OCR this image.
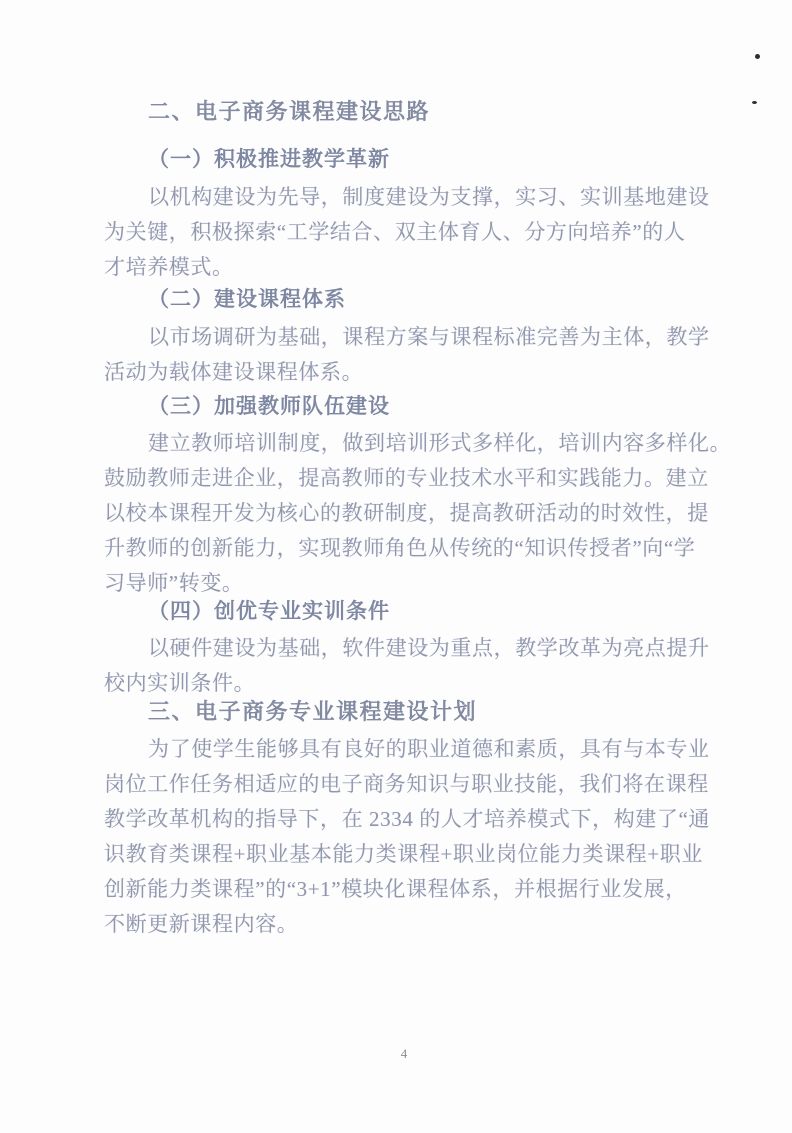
二、电子商务课程建设思路
（一）积极推进教学革新
以机构建设为先导，制度建设为支撑，实习、实训基地建设
为关键，积极探索“工学结合、双主体育人、分方向培养”的人
才培养模式。
（二）建设课程体系
以市场调研为基础，课程方案与课程标准完善为主体，教学
活动为载体建设课程体系。
（三）加强教师队伍建设
建立教师培训制度，做到培训形式多样化，培训内容多样化。
鼓励教师走进企业，提高教师的专业技术水平和实践能力。建立
以校本课程开发为核心的教研制度，提高教研活动的时效性，提
升教师的创新能力，实现教师角色从传统的“知识传授者”向“学
习导师”转变。
（四）创优专业实训条件
以硬件建设为基础，软件建设为重点，教学改革为亮点提升
校内实训条件。
三、电子商务专业课程建设计划
为了使学生能够具有良好的职业道德和素质，具有与本专业
岗位工作任务相适应的电子商务知识与职业技能，我们将在课程
教学改革机构的指导下，在 2334 的人才培养模式下，构建了“通
识教育类课程+职业基本能力类课程+职业岗位能力类课程+职业
创新能力类课程”的“3+1”模块化课程体系，并根据行业发展，
不断更新课程内容。
4
